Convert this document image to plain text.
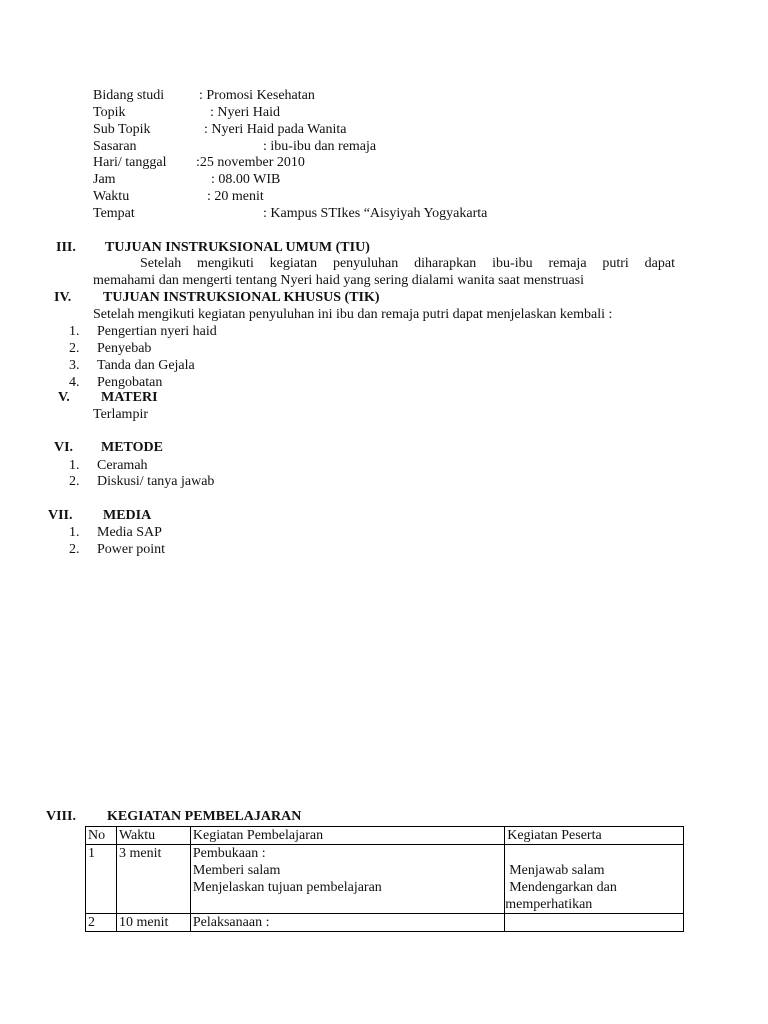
Bidang studi : Promosi Kesehatan
Topik	: Nyeri Haid
Sub Topik	: Nyeri Haid pada Wanita
Sasaran	: ibu-ibu dan remaja
Hari/ tanggal :25 november 2010
Jam	: 08.00 WIB
Waktu	: 20 menit
Tempat	: Kampus STIkes “Aisyiyah Yogyakarta
III. TUJUAN INSTRUKSIONAL UMUM (TIU)
Setelah mengikuti kegiatan penyuluhan diharapkan ibu-ibu remaja putri dapat
memahami dan mengerti tentang Nyeri haid yang sering dialami wanita saat menstruasi
IV. TUJUAN INSTRUKSIONAL KHUSUS (TIK)
Setelah mengikuti kegiatan penyuluhan ini ibu dan remaja putri dapat menjelaskan kembali :
1. Pengertian nyeri haid
2. Penyebab
3. Tanda dan Gejala
4. Pengobatan
V. MATERI
Terlampir
VI. METODE
1. Ceramah
2. Diskusi/ tanya jawab
VII. MEDIA
1. Media SAP
2. Power point
VIII. KEGIATAN PEMBELAJARAN
No	Waktu	Kegiatan Pembelajaran	Kegiatan Peserta
1	3 menit	Pembukaan :
Memberi salam
Menjelaskan tujuan pembelajaran	Menjawab salam
Mendengarkan dan
memperhatikan

2	10 menit	Pelaksanaan :	
